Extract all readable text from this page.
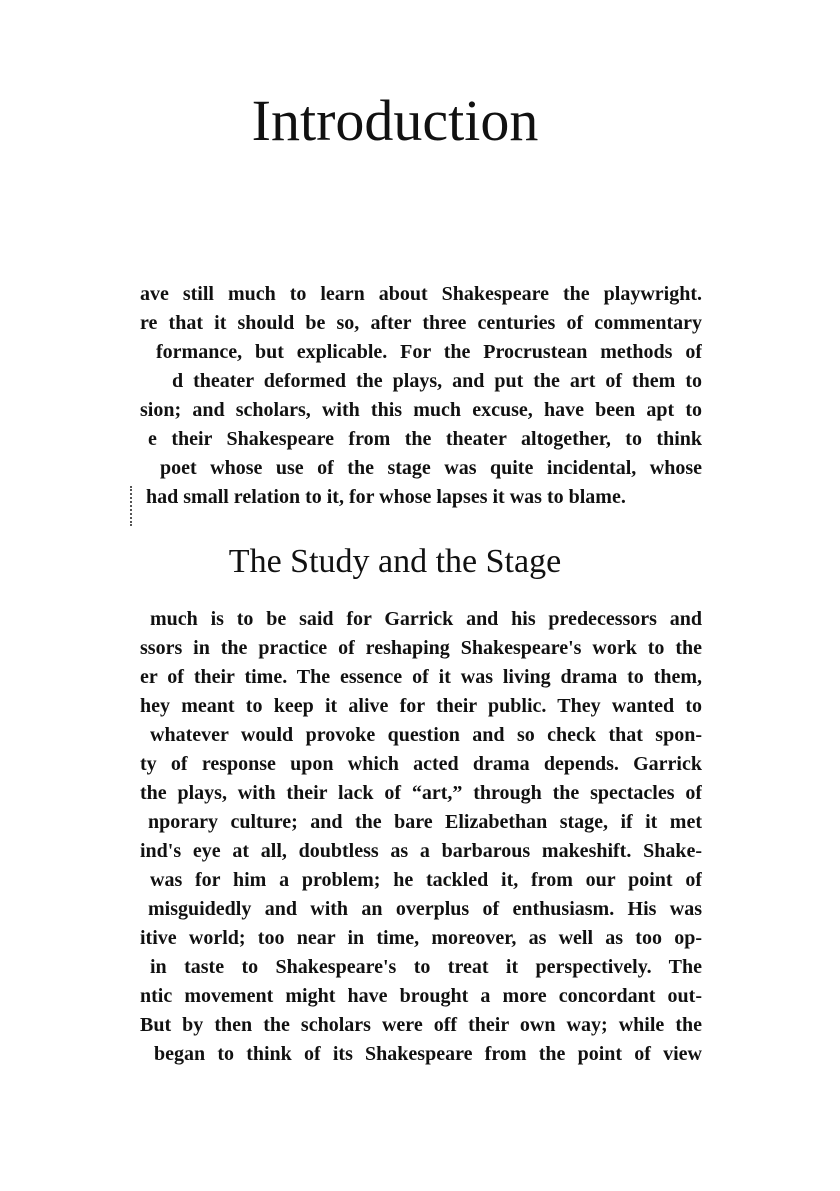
Introduction
ave still much to learn about Shakespeare the playwright.
re that it should be so, after three centuries of commentary
formance, but explicable. For the Procrustean methods of
d theater deformed the plays, and put the art of them to
sion; and scholars, with this much excuse, have been apt to
e their Shakespeare from the theater altogether, to think
poet whose use of the stage was quite incidental, whose
had small relation to it, for whose lapses it was to blame.
The Study and the Stage
much is to be said for Garrick and his predecessors and
ssors in the practice of reshaping Shakespeare's work to the
er of their time. The essence of it was living drama to them,
hey meant to keep it alive for their public. They wanted to
whatever would provoke question and so check that spon-
ty of response upon which acted drama depends. Garrick
the plays, with their lack of “art,” through the spectacles of
nporary culture; and the bare Elizabethan stage, if it met
ind's eye at all, doubtless as a barbarous makeshift. Shake-
was for him a problem; he tackled it, from our point of
misguidedly and with an overplus of enthusiasm. His was
itive world; too near in time, moreover, as well as too op-
in taste to Shakespeare's to treat it perspectively. The
ntic movement might have brought a more concordant out-
But by then the scholars were off their own way; while the
began to think of its Shakespeare from the point of view
